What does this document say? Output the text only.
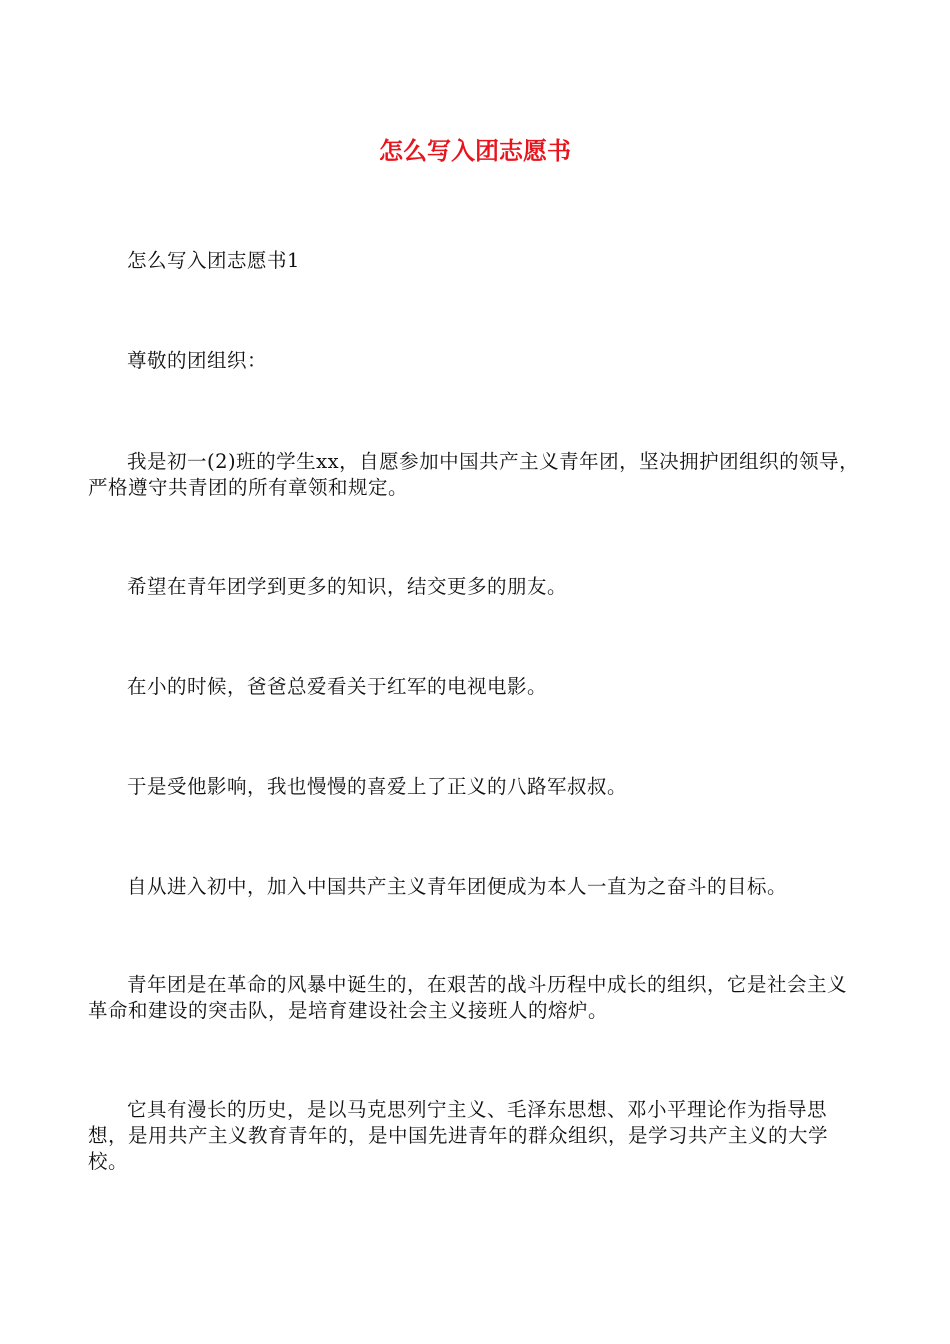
怎么写入团志愿书

怎么写入团志愿书1

尊敬的团组织：

我是初一(2)班的学生xx，自愿参加中国共产主义青年团，坚决拥护团组织的领导，严格遵守共青团的所有章领和规定。

希望在青年团学到更多的知识，结交更多的朋友。

在小的时候，爸爸总爱看关于红军的电视电影。

于是受他影响，我也慢慢的喜爱上了正义的八路军叔叔。

自从进入初中，加入中国共产主义青年团便成为本人一直为之奋斗的目标。

青年团是在革命的风暴中诞生的，在艰苦的战斗历程中成长的组织，它是社会主义革命和建设的突击队，是培育建设社会主义接班人的熔炉。

它具有漫长的历史，是以马克思列宁主义、毛泽东思想、邓小平理论作为指导思想，是用共产主义教育青年的，是中国先进青年的群众组织，是学习共产主义的大学校。
